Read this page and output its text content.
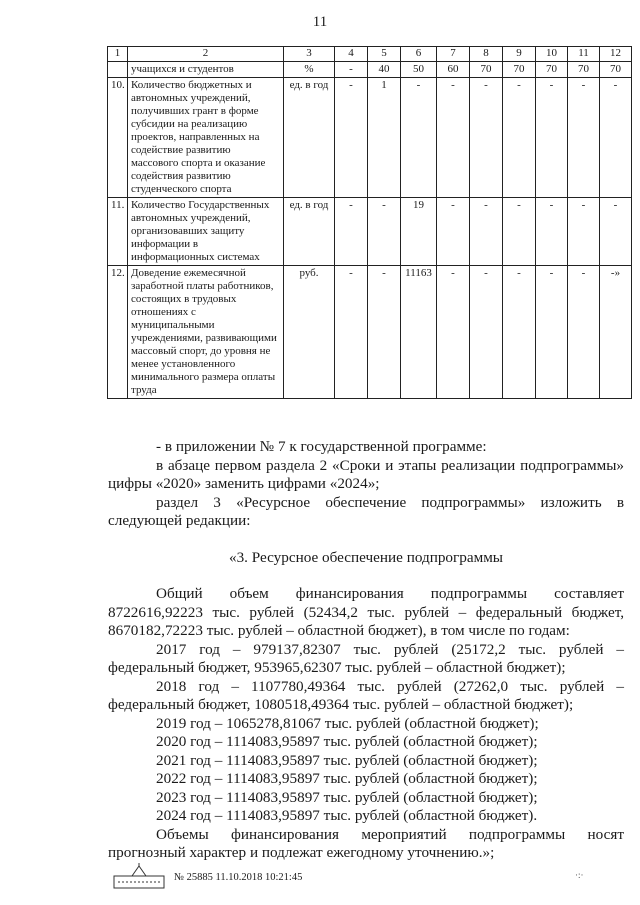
11
1	2	3	4	5	6	7	8	9	10	11	12
	учащихся и студентов	%	-	40	50	60	70	70	70	70	70
10.	Количество бюджетных и автономных учреждений, получивших грант в форме субсидии на реализацию проектов, направленных на содействие развитию массового спорта и оказание содействия развитию студенческого спорта	ед. в год	-	1	-	-	-	-	-	-	-
11.	Количество Государственных автономных учреждений, организовавших защиту информации в информационных системах	ед. в год	-	-	19	-	-	-	-	-	-
12.	Доведение ежемесячной заработной платы работников, состоящих в трудовых отношениях с муниципальными учреждениями, развивающими массовый спорт, до уровня не менее установленного минимального размера оплаты труда	руб.	-	-	11163	-	-	-	-	-	-»

- в приложении № 7 к государственной программе:

в абзаце первом раздела 2 «Сроки и этапы реализации подпрограммы» цифры «2020» заменить цифрами «2024»;

раздел 3 «Ресурсное обеспечение подпрограммы» изложить в следующей редакции:

«3. Ресурсное обеспечение подпрограммы

Общий объем финансирования подпрограммы составляет 8722616,92223 тыс. рублей (52434,2 тыс. рублей – федеральный бюджет, 8670182,72223 тыс. рублей – областной бюджет), в том числе по годам:

2017 год – 979137,82307 тыс. рублей (25172,2 тыс. рублей – федеральный бюджет, 953965,62307 тыс. рублей – областной бюджет);

2018 год – 1107780,49364 тыс. рублей (27262,0 тыс. рублей – федеральный бюджет, 1080518,49364 тыс. рублей – областной бюджет);

2019 год – 1065278,81067 тыс. рублей (областной бюджет);

2020 год – 1114083,95897 тыс. рублей (областной бюджет);

2021 год – 1114083,95897 тыс. рублей (областной бюджет);

2022 год – 1114083,95897 тыс. рублей (областной бюджет);

2023 год – 1114083,95897 тыс. рублей (областной бюджет);

2024 год – 1114083,95897 тыс. рублей (областной бюджет).

Объемы финансирования мероприятий подпрограммы носят прогнозный характер и подлежат ежегодному уточнению.»;

№ 25885 11.10.2018 10:21:45	·:·
